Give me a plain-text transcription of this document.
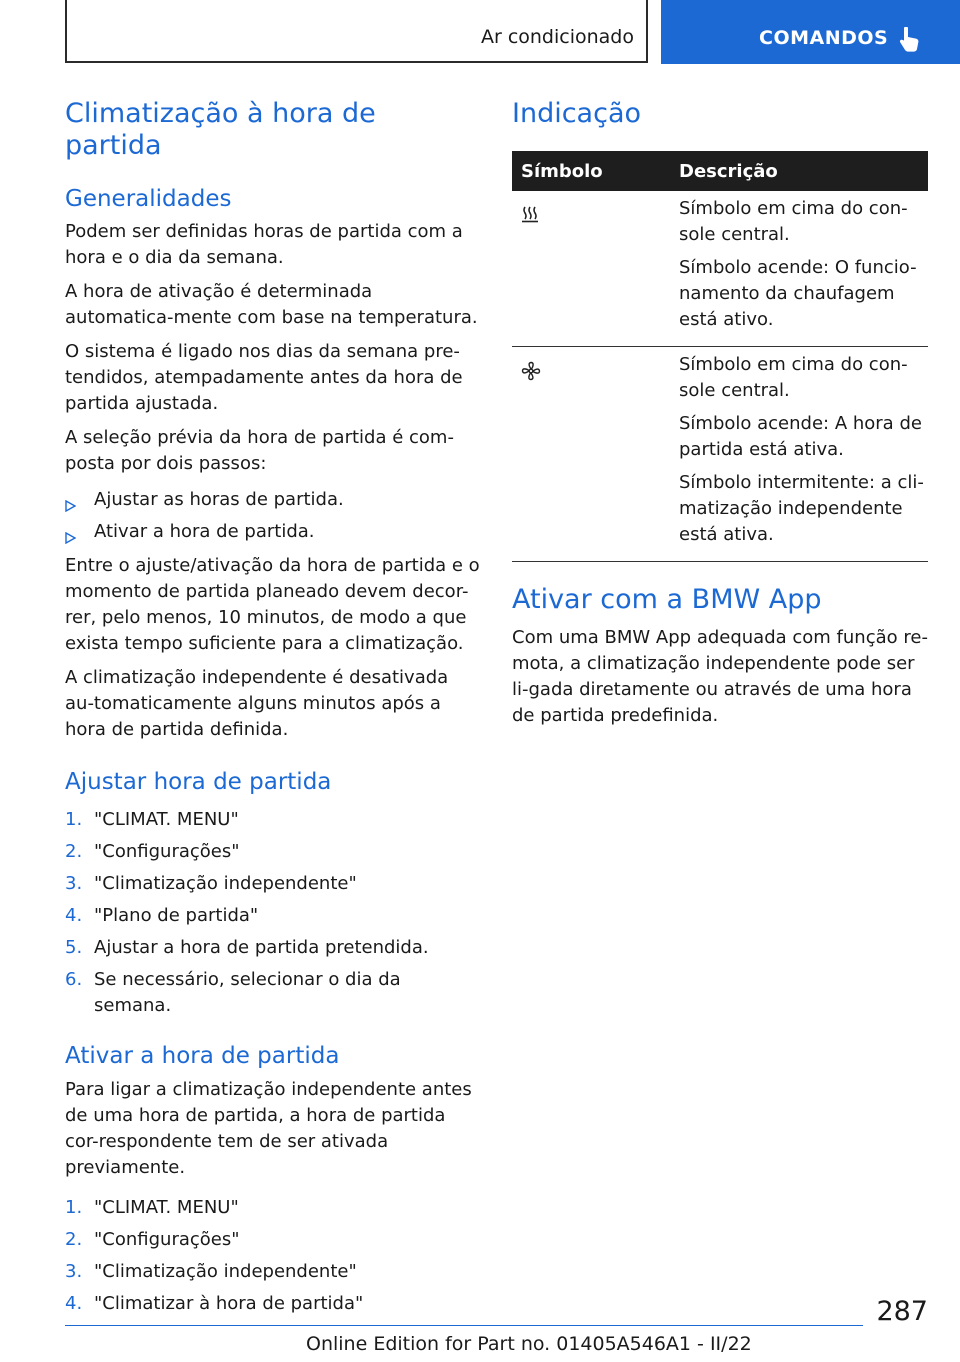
Ar condicionado	COMANDOS
Climatização à hora de partida
Generalidades

Podem ser definidas horas de partida com a hora e o dia da semana.

A hora de ativação é determinada automatica-mente com base na temperatura.

O sistema é ligado nos dias da semana pre-tendidos, atempadamente antes da hora de partida ajustada.

A seleção prévia da hora de partida é com-posta por dois passos:

Ajustar as horas de partida.
Ativar a hora de partida.

Entre o ajuste/ativação da hora de partida e o momento de partida planeado devem decor-rer, pelo menos, 10 minutos, de modo a que exista tempo suficiente para a climatização.

A climatização independente é desativada au-tomaticamente alguns minutos após a hora de partida definida.

Ajustar hora de partida
1. "CLIMAT. MENU"
2. "Configurações"
3. "Climatização independente"
4. "Plano de partida"
5. Ajustar a hora de partida pretendida.
6. Se necessário, selecionar o dia da semana.
Ativar a hora de partida

Para ligar a climatização independente antes de uma hora de partida, a hora de partida cor-respondente tem de ser ativada previamente.

1. "CLIMAT. MENU"
2. "Configurações"
3. "Climatização independente"
4. "Climatizar à hora de partida"
Indicação
Símbolo	Descrição

Símbolo em cima do con-sole central.
Símbolo acende: O funcio-namento da chaufagem está ativo.

Símbolo em cima do con-sole central.
Símbolo acende: A hora de partida está ativa.
Símbolo intermitente: a cli-matização independente está ativa.
Ativar com a BMW App

Com uma BMW App adequada com função re-mota, a climatização independente pode ser li-gada diretamente ou através de uma hora de partida predefinida.

287
Online Edition for Part no. 01405A546A1 - II/22
